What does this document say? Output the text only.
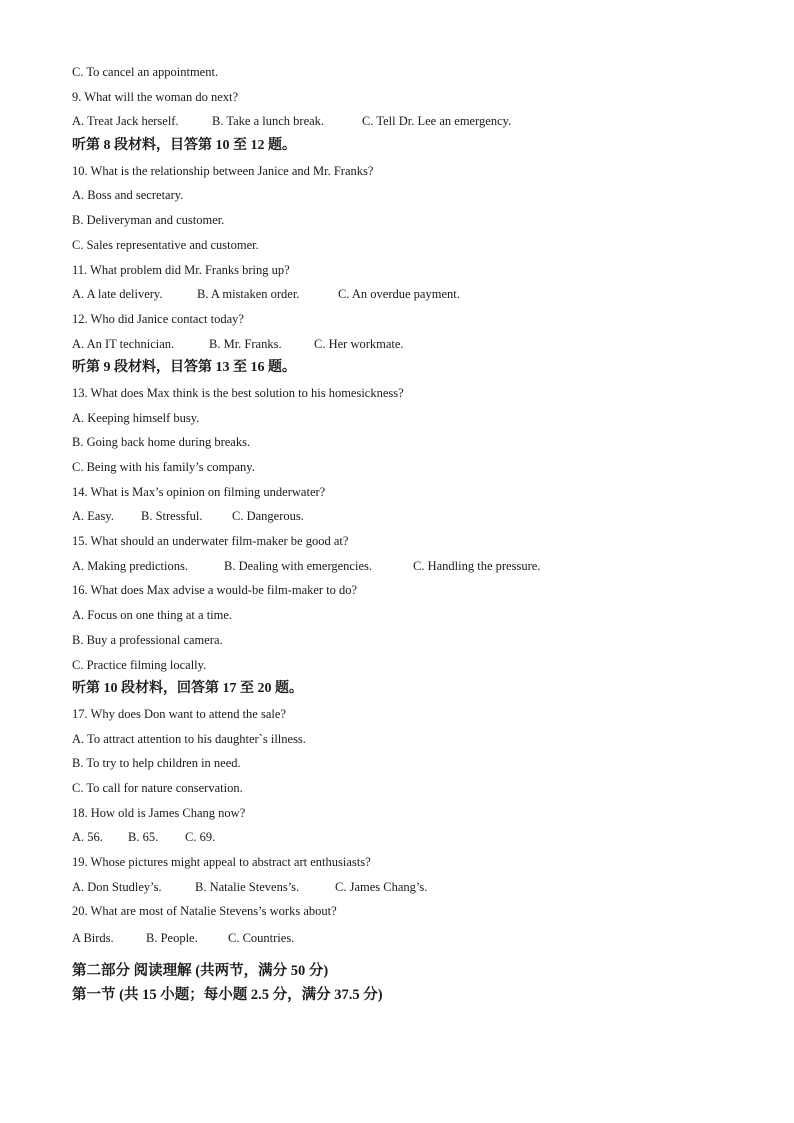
C. To cancel an appointment.
9. What will the woman do next?
A. Treat Jack herself.	B. Take a lunch break.	C. Tell Dr. Lee an emergency.
听第 8 段材料，目答第 10 至 12 题。
10. What is the relationship between Janice and Mr. Franks?
A. Boss and secretary.
B. Deliveryman and customer.
C. Sales representative and customer.
11. What problem did Mr. Franks bring up?
A. A late delivery.	B. A mistaken order.	C. An overdue payment.
12. Who did Janice contact today?
A. An IT technician.	B. Mr. Franks.	C. Her workmate.
听第 9 段材料，目答第 13 至 16 题。
13. What does Max think is the best solution to his homesickness?
A. Keeping himself busy.
B. Going back home during breaks.
C. Being with his family’s company.
14. What is Max’s opinion on filming underwater?
A. Easy. B. Stressful. C. Dangerous.
15. What should an underwater film-maker be good at?
A. Making predictions.	B. Dealing with emergencies.	C. Handling the pressure.
16. What does Max advise a would-be film-maker to do?
A. Focus on one thing at a time.
B. Buy a professional camera.
C. Practice filming locally.
听第 10 段材料，回答第 17 至 20 题。
17. Why does Don want to attend the sale?
A. To attract attention to his daughter`s illness.
B. To try to help children in need.
C. To call for nature conservation.
18. How old is James Chang now?
A. 56. B. 65. C. 69.
19. Whose pictures might appeal to abstract art enthusiasts?
A. Don Studley’s.	B. Natalie Stevens’s.	C. James Chang’s.
20. What are most of Natalie Stevens’s works about?
A Birds.	B. People. C. Countries.
第二部分 阅读理解 (共两节，满分 50 分)
第一节 (共 15 小题；每小题 2.5 分，满分 37.5 分)
